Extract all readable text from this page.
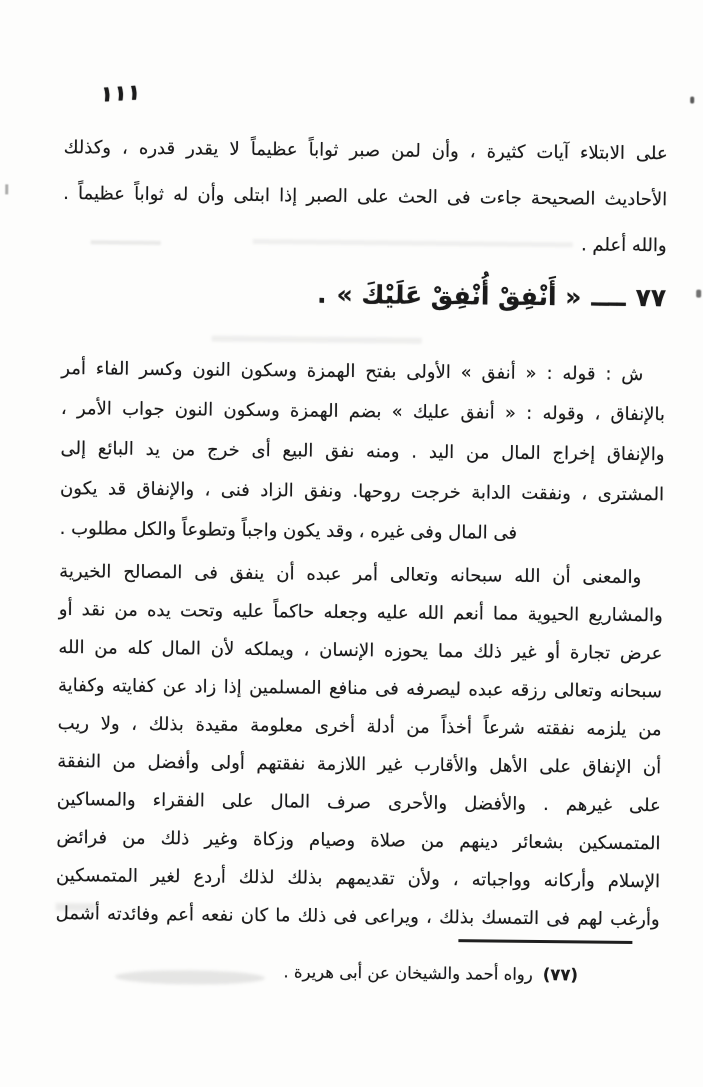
١١١
على الابتلاء آيات كثيرة ، وأن لمن صبر ثواباً عظيماً لا يقدر قدره ، وكذلك
الأحاديث الصحيحة جاءت فى الحث على الصبر إذا ابتلى وأن له ثواباً عظيماً .
والله أعلم .
٧٧ــــ« أَنْفِقْ أُنْفِقْ عَلَيْكَ ».
ش : قوله : « أنفق » الأولى بفتح الهمزة وسكون النون وكسر الفاء أمر
بالإنفاق ، وقوله : « أنفق عليك » بضم الهمزة وسكون النون جواب الأمر ،
والإنفاق إخراج المال من اليد . ومنه نفق البيع أى خرج من يد البائع إلى
المشترى ، ونفقت الدابة خرجت روحها. ونفق الزاد فنى ، والإنفاق قد يكون
فى المال وفى غيره ، وقد يكون واجباً وتطوعاً والكل مطلوب .
والمعنى أن الله سبحانه وتعالى أمر عبده أن ينفق فى المصالح الخيرية
والمشاريع الحيوية مما أنعم الله عليه وجعله حاكماً عليه وتحت يده من نقد أو
عرض تجارة أو غير ذلك مما يحوزه الإنسان ، ويملكه لأن المال كله من الله
سبحانه وتعالى رزقه عبده ليصرفه فى منافع المسلمين إذا زاد عن كفايته وكفاية
من يلزمه نفقته شرعاً أخذاً من أدلة أخرى معلومة مقيدة بذلك ، ولا ريب
أن الإنفاق على الأهل والأقارب غير اللازمة نفقتهم أولى وأفضل من النفقة
على غيرهم . والأفضل والأحرى صرف المال على الفقراء والمساكين
المتمسكين بشعائر دينهم من صلاة وصيام وزكاة وغير ذلك من فرائض
الإسلام وأركانه وواجباته ، ولأن تقديمهم بذلك لذلك أردع لغير المتمسكين
وأرغب لهم فى التمسك بذلك ، ويراعى فى ذلك ما كان نفعه أعم وفائدته أشمل
(٧٧)رواه أحمد والشيخان عن أبى هريرة .
